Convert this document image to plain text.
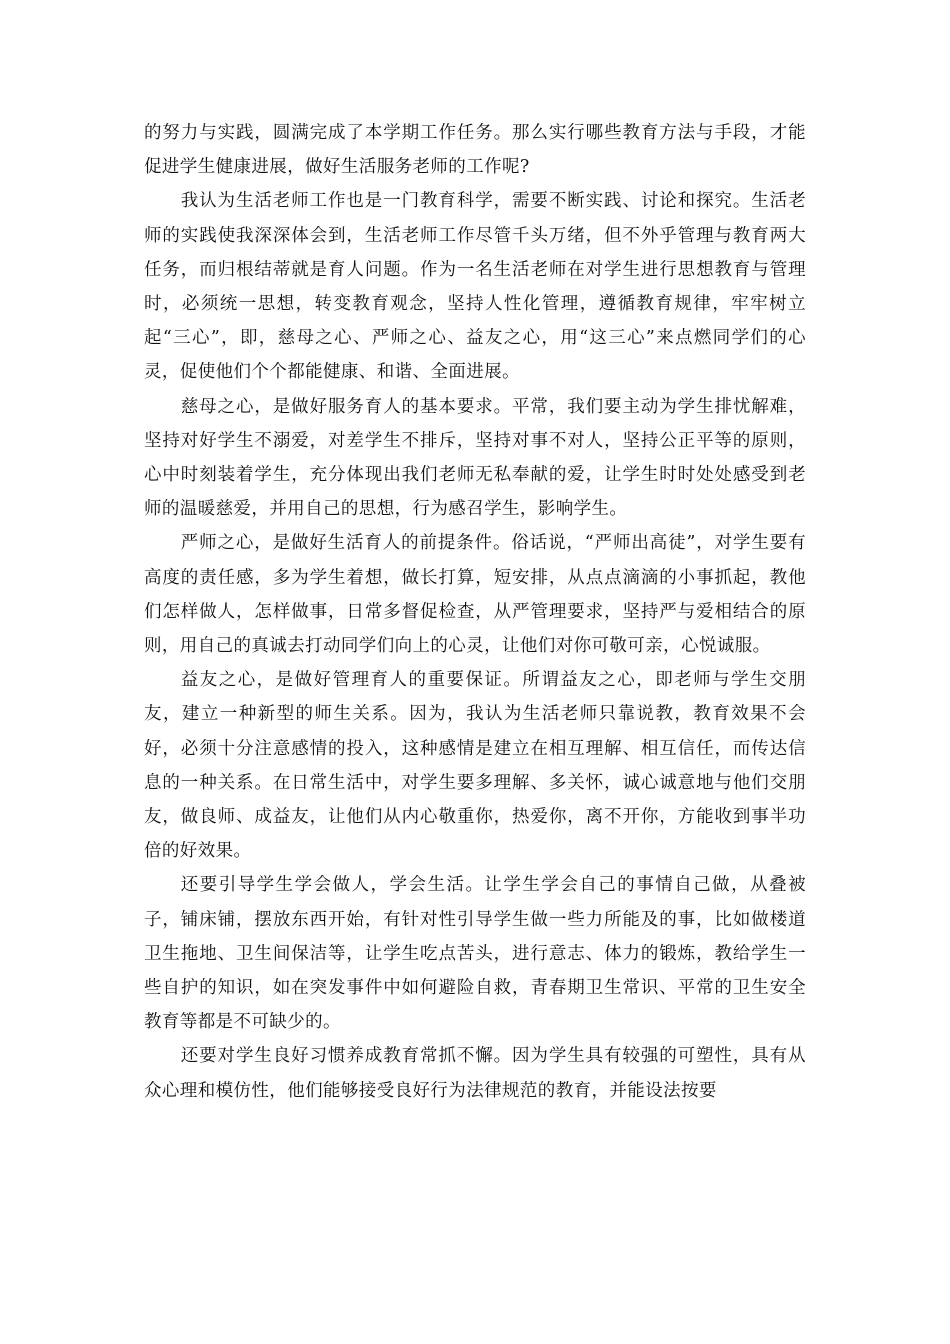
的努力与实践，圆满完成了本学期工作任务。那么实行哪些教育方法与手段，才能促进学生健康进展，做好生活服务老师的工作呢?

我认为生活老师工作也是一门教育科学，需要不断实践、讨论和探究。生活老师的实践使我深深体会到，生活老师工作尽管千头万绪，但不外乎管理与教育两大任务，而归根结蒂就是育人问题。作为一名生活老师在对学生进行思想教育与管理时，必须统一思想，转变教育观念，坚持人性化管理，遵循教育规律，牢牢树立起“三心”，即，慈母之心、严师之心、益友之心，用“这三心”来点燃同学们的心灵，促使他们个个都能健康、和谐、全面进展。

慈母之心，是做好服务育人的基本要求。平常，我们要主动为学生排忧解难，坚持对好学生不溺爱，对差学生不排斥，坚持对事不对人，坚持公正平等的原则，心中时刻装着学生，充分体现出我们老师无私奉献的爱，让学生时时处处感受到老师的温暖慈爱，并用自己的思想，行为感召学生，影响学生。

严师之心，是做好生活育人的前提条件。俗话说，“严师出高徒”，对学生要有高度的责任感，多为学生着想，做长打算，短安排，从点点滴滴的小事抓起，教他们怎样做人，怎样做事，日常多督促检查，从严管理要求，坚持严与爱相结合的原则，用自己的真诚去打动同学们向上的心灵，让他们对你可敬可亲，心悦诚服。

益友之心，是做好管理育人的重要保证。所谓益友之心，即老师与学生交朋友，建立一种新型的师生关系。因为，我认为生活老师只靠说教，教育效果不会好，必须十分注意感情的投入，这种感情是建立在相互理解、相互信任，而传达信息的一种关系。在日常生活中，对学生要多理解、多关怀，诚心诚意地与他们交朋友，做良师、成益友，让他们从内心敬重你，热爱你，离不开你，方能收到事半功倍的好效果。

还要引导学生学会做人，学会生活。让学生学会自己的事情自己做，从叠被子，铺床铺，摆放东西开始，有针对性引导学生做一些力所能及的事，比如做楼道卫生拖地、卫生间保洁等，让学生吃点苦头，进行意志、体力的锻炼，教给学生一些自护的知识，如在突发事件中如何避险自救，青春期卫生常识、平常的卫生安全教育等都是不可缺少的。

还要对学生良好习惯养成教育常抓不懈。因为学生具有较强的可塑性，具有从众心理和模仿性，他们能够接受良好行为法律规范的教育，并能设法按要
